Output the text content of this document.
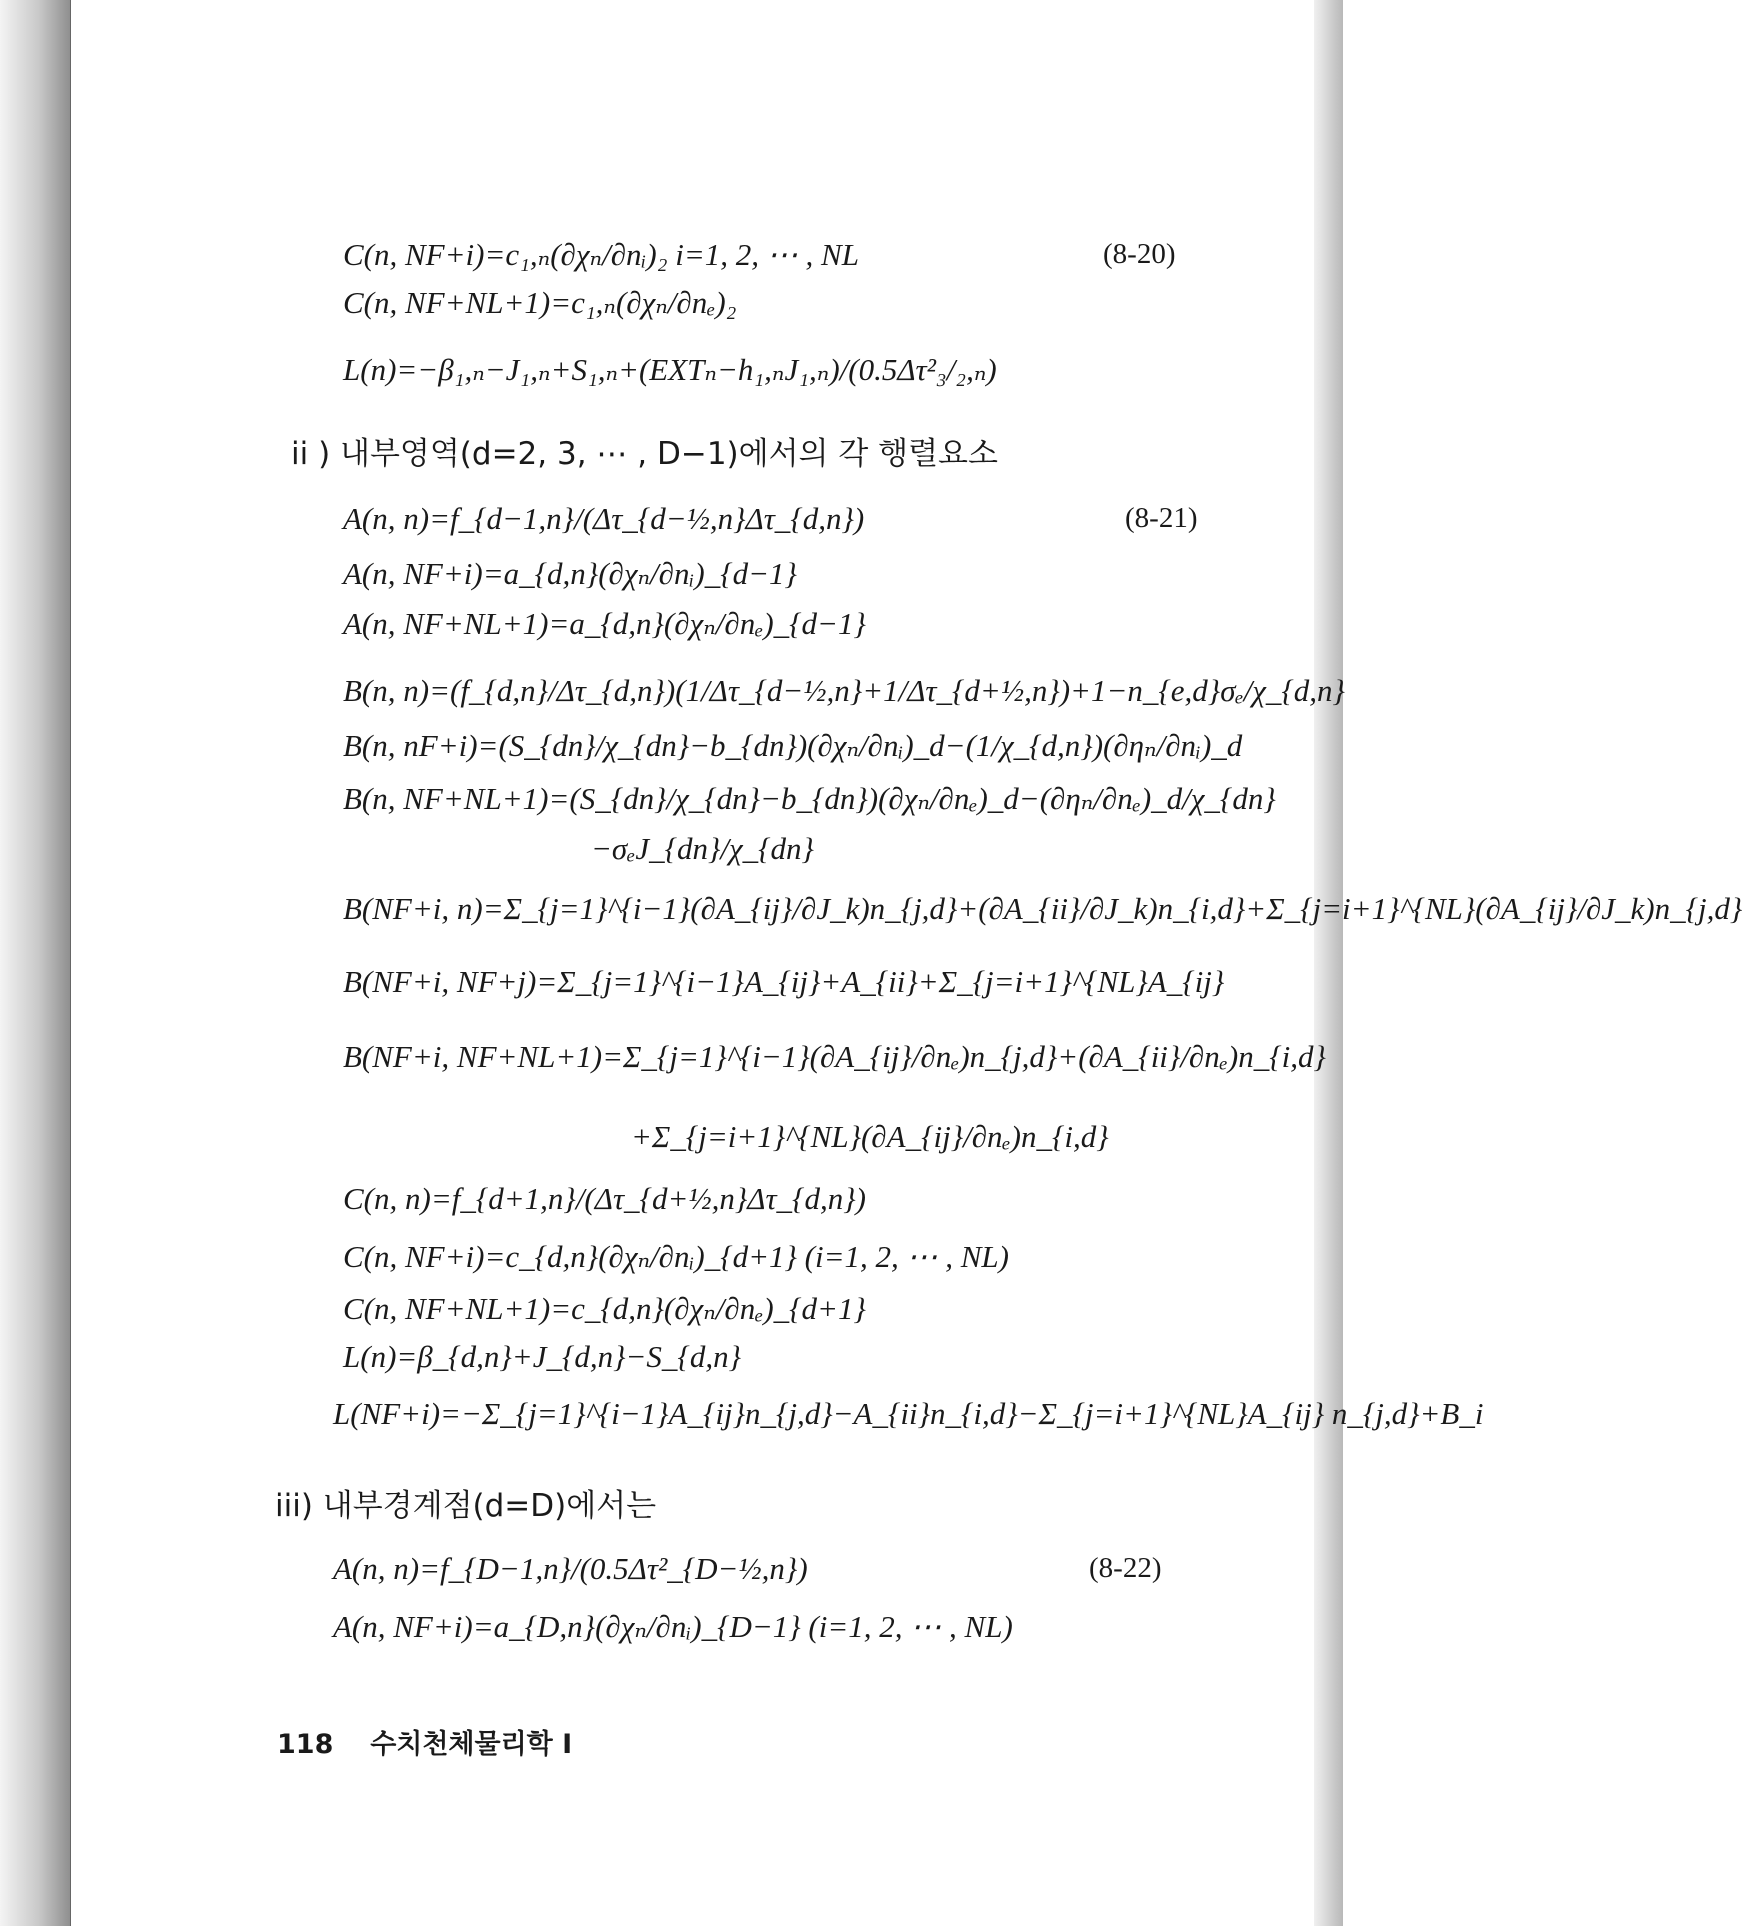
C(n, NF+i)=c₁,ₙ(∂χₙ/∂nᵢ)₂ i=1, 2, ⋯ , NL	(8-20)
C(n, NF+NL+1)=c₁,ₙ(∂χₙ/∂nₑ)₂
L(n)=−β₁,ₙ−J₁,ₙ+S₁,ₙ+(EXTₙ−h₁,ₙJ₁,ₙ)/(0.5Δτ²₃/₂,ₙ)
ii ) 내부영역(d=2, 3, ⋯ , D−1)에서의 각 행렬요소
A(n, n)=f_{d−1,n}/(Δτ_{d−½,n}Δτ_{d,n})	(8-21)
A(n, NF+i)=a_{d,n}(∂χₙ/∂nᵢ)_{d−1}
A(n, NF+NL+1)=a_{d,n}(∂χₙ/∂nₑ)_{d−1}
B(n, n)=(f_{d,n}/Δτ_{d,n})(1/Δτ_{d−½,n}+1/Δτ_{d+½,n})+1−n_{e,d}σₑ/χ_{d,n}
B(n, nF+i)=(S_{dn}/χ_{dn}−b_{dn})(∂χₙ/∂nᵢ)_d−(1/χ_{d,n})(∂ηₙ/∂nᵢ)_d
B(n, NF+NL+1)=(S_{dn}/χ_{dn}−b_{dn})(∂χₙ/∂nₑ)_d−(∂ηₙ/∂nₑ)_d/χ_{dn}
−σₑJ_{dn}/χ_{dn}
B(NF+i, n)=Σ_{j=1}^{i−1}(∂A_{ij}/∂J_k)n_{j,d}+(∂A_{ii}/∂J_k)n_{i,d}+Σ_{j=i+1}^{NL}(∂A_{ij}/∂J_k)n_{j,d}
B(NF+i, NF+j)=Σ_{j=1}^{i−1}A_{ij}+A_{ii}+Σ_{j=i+1}^{NL}A_{ij}
B(NF+i, NF+NL+1)=Σ_{j=1}^{i−1}(∂A_{ij}/∂nₑ)n_{j,d}+(∂A_{ii}/∂nₑ)n_{i,d}
+Σ_{j=i+1}^{NL}(∂A_{ij}/∂nₑ)n_{i,d}
C(n, n)=f_{d+1,n}/(Δτ_{d+½,n}Δτ_{d,n})
C(n, NF+i)=c_{d,n}(∂χₙ/∂nᵢ)_{d+1} (i=1, 2, ⋯ , NL)
C(n, NF+NL+1)=c_{d,n}(∂χₙ/∂nₑ)_{d+1}
L(n)=β_{d,n}+J_{d,n}−S_{d,n}
L(NF+i)=−Σ_{j=1}^{i−1}A_{ij}n_{j,d}−A_{ii}n_{i,d}−Σ_{j=i+1}^{NL}A_{ij} n_{j,d}+B_i
iii) 내부경계점(d=D)에서는
A(n, n)=f_{D−1,n}/(0.5Δτ²_{D−½,n})	(8-22)
A(n, NF+i)=a_{D,n}(∂χₙ/∂nᵢ)_{D−1} (i=1, 2, ⋯ , NL)
118 수치천체물리학 Ⅰ
